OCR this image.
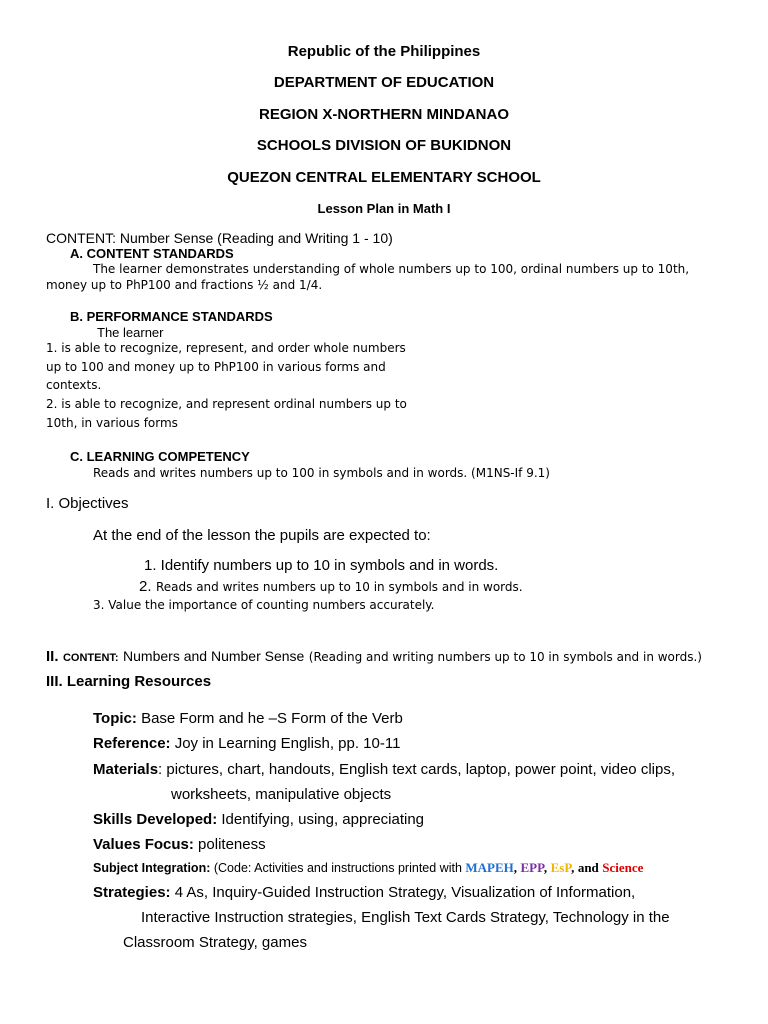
Republic of the Philippines
DEPARTMENT OF EDUCATION
REGION X-NORTHERN MINDANAO
SCHOOLS DIVISION OF BUKIDNON
QUEZON CENTRAL ELEMENTARY SCHOOL
Lesson Plan in Math I
CONTENT: Number Sense (Reading and Writing 1 - 10)
A. CONTENT STANDARDS
The learner demonstrates understanding of whole numbers up to 100, ordinal numbers up to 10th,
money up to PhP100 and fractions ½ and 1/4.
B. PERFORMANCE STANDARDS
The learner
1. is able to recognize, represent, and order whole numbers
up to 100 and money up to PhP100 in various forms and
contexts.
2. is able to recognize, and represent ordinal numbers up to
10th, in various forms
C. LEARNING COMPETENCY
Reads and writes numbers up to 100 in symbols and in words. (M1NS-If 9.1)
I. Objectives
At the end of the lesson the pupils are expected to:
1. Identify numbers up to 10 in symbols and in words.
2. Reads and writes numbers up to 10 in symbols and in words.
3. Value the importance of counting numbers accurately.
II. CONTENT: Numbers and Number Sense (Reading and writing numbers up to 10 in symbols and in words.)
III. Learning Resources
Topic: Base Form and he –S Form of the Verb
Reference: Joy in Learning English, pp. 10-11
Materials: pictures, chart, handouts, English text cards, laptop, power point, video clips,
worksheets, manipulative objects
Skills Developed: Identifying, using, appreciating
Values Focus: politeness
Subject Integration: (Code: Activities and instructions printed with MAPEH, EPP, EsP, and Science
Strategies: 4 As, Inquiry-Guided Instruction Strategy, Visualization of Information,
Interactive Instruction strategies, English Text Cards Strategy, Technology in the
Classroom Strategy, games
